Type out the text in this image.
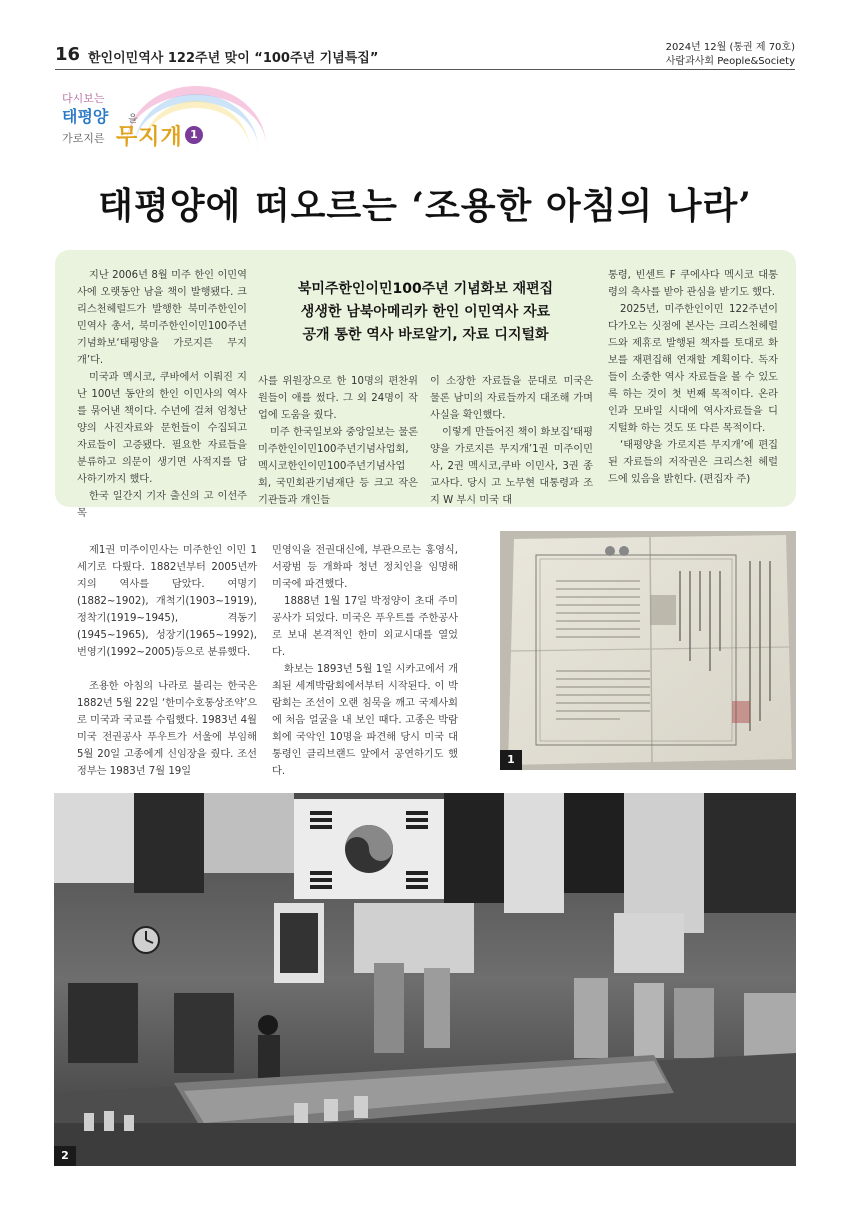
16 한인이민역사 122주년 맞이 “100주년 기념특집”
2024년 12월 (통권 제 70호)
사람과사회 People&Society
다시보는
태평양 을
가로지른 무지개 1
태평양에 떠오르는 ‘조용한 아침의 나라’

지난 2006년 8월 미주 한인 이민역사에 오랫동안 남을 책이 발행됐다. 크리스천헤럴드가 발행한 북미주한인이민역사 총서, 북미주한인이민100주년 기념화보‘태평양을 가로지른 무지개’다.

미국과 멕시코, 쿠바에서 이뤄진 지난 100년 동안의 한인 이민사의 역사를 묶어낸 책이다. 수년에 걸쳐 엄청난 양의 사진자료와 문헌들이 수집되고 자료들이 고증됐다. 필요한 자료들을 분류하고 의문이 생기면 사적지를 답사하기까지 했다.

한국 일간지 기자 출신의 고 이선주 목

북미주한인이민100주년 기념화보 재편집
생생한 남북아메리카 한인 이민역사 자료
공개 통한 역사 바로알기, 자료 디지털화

사를 위원장으로 한 10명의 편찬위원들이 애를 썼다. 그 외 24명이 작업에 도움을 줬다.

미주 한국일보와 중앙일보는 물론 미주한인이민100주년기념사업회, 멕시코한인이민100주년기념사업회, 국민회관기념재단 등 크고 작은 기관들과 개인들

이 소장한 자료들을 문대로 미국은 물론 남미의 자료들까지 대조해 가며 사실을 확인했다.

이렇게 만들어진 책이 화보집‘태평양을 가로지른 무지개’1권 미주이민사, 2권 멕시코,쿠바 이민사, 3권 종교사다. 당시 고 노무현 대통령과 조지 W 부시 미국 대

통령, 빈센트 F 쿠에사다 멕시코 대통령의 축사를 받아 관심을 받기도 했다.

2025년, 미주한인이민 122주년이 다가오는 싯점에 본사는 크리스천헤럴드와 제휴로 발행된 책자를 토대로 화보를 재편집해 연재할 계획이다. 독자들이 소중한 역사 자료들을 볼 수 있도록 하는 것이 첫 번째 목적이다. 온라인과 모바일 시대에 역사자료들을 디지털화 하는 것도 또 다른 목적이다.

‘태평양을 가로지른 무지개’에 편집된 자료들의 저작권은 크리스천 헤럴드에 있음을 밝힌다. (편집자 주)

제1권 미주이민사는 미주한인 이민 1세기로 다뤘다. 1882년부터 2005년까지의 역사를 담았다. 여명기(1882~1902), 개척기(1903~1919), 정착기(1919~1945), 격동기(1945~1965), 성장기(1965~1992), 번영기(1992~2005)등으로 분류했다.

조용한 아침의 나라로 불리는 한국은 1882년 5월 22일 ‘한미수호통상조약’으로 미국과 국교를 수립했다. 1983년 4월 미국 전권공사 푸우트가 서울에 부임해 5월 20일 고종에게 신임장을 줬다. 조선정부는 1983년 7월 19일

민영익을 전권대신에, 부관으로는 홍영식, 서광범 등 개화파 청년 정치인을 임명해 미국에 파견했다.

1888년 1월 17일 박정양이 초대 주미공사가 되었다. 미국은 푸우트를 주한공사로 보내 본격적인 한미 외교시대를 열었다.

화보는 1893년 5월 1일 시카고에서 개최된 세계박람회에서부터 시작된다. 이 박람회는 조선이 오랜 침묵을 깨고 국제사회에 처음 얼굴을 내 보인 때다. 고종은 박람회에 국악인 10명을 파견해 당시 미국 대통령인 클리브랜드 앞에서 공연하기도 했다.

1
2
